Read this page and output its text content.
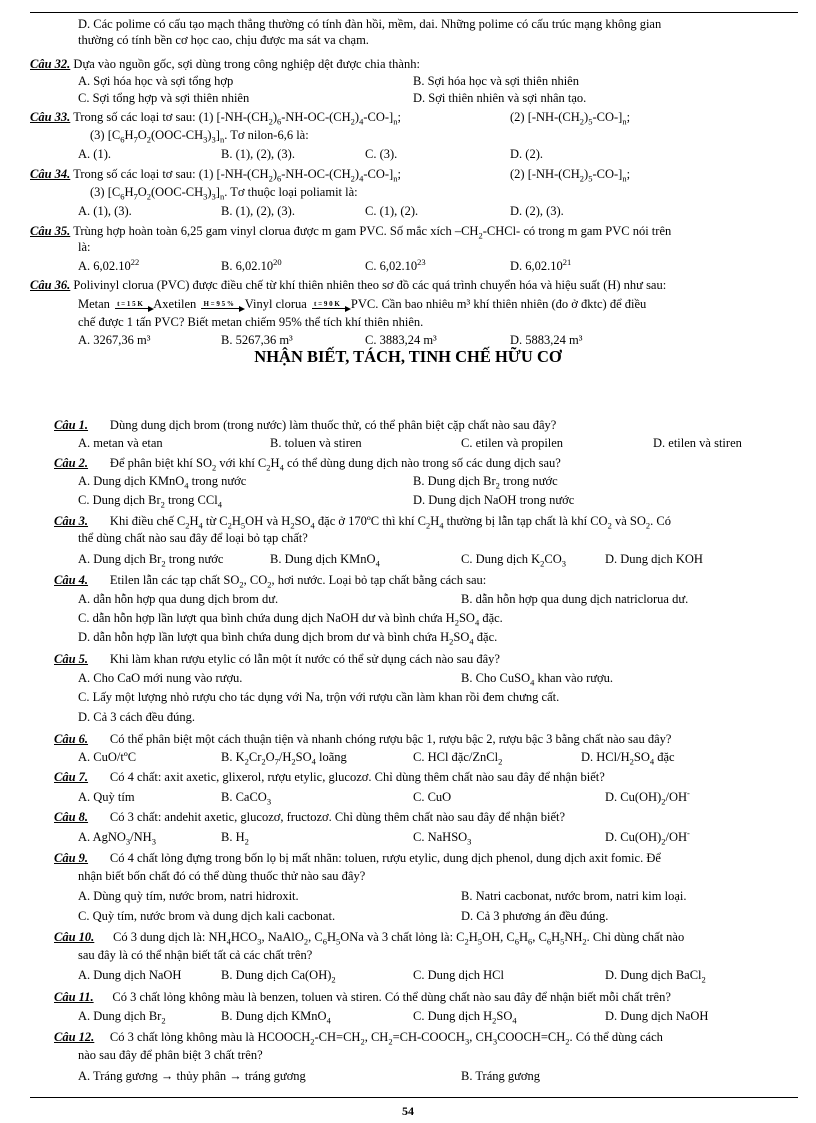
D. Các polime có cấu tạo mạch thẳng thường có tính đàn hồi, mềm, dai. Những polime có cấu trúc mạng không gian
thường có tính bền cơ học cao, chịu được ma sát va chạm.
Câu 32. Dựa vào nguồn gốc, sợi dùng trong công nghiệp dệt được chia thành:
A. Sợi hóa học và sợi tổng hợp	B. Sợi hóa học và sợi thiên nhiên
C. Sợi tổng hợp và sợi thiên nhiên	D. Sợi thiên nhiên và sợi nhân tạo.
Câu 33. Trong số các loại tơ sau: (1) $[-NH-(CH_2)_6-NH-OC-(CH_2)_4-CO-]_n$;	(2) $[-NH-(CH_2)_5-CO-]_n$;
(3) $[C_6H_7O_2(OOC-CH_3)_3]_n$. Tơ nilon-6,6 là:
A. (1).	B. (1), (2), (3).	C. (3).	D. (2).
Câu 34. Trong số các loại tơ sau: (1) $[-NH-(CH_2)_6-NH-OC-(CH_2)_4-CO-]_n$;	(2) $[-NH-(CH_2)_5-CO-]_n$;
(3) $[C_6H_7O_2(OOC-CH_3)_3]_n$. Tơ thuộc loại poliamit là:
A. (1), (3).	B. (1), (2), (3).	C. (1), (2).	D. (2), (3).
Câu 35. Trùng hợp hoàn toàn 6,25 gam vinyl clorua được m gam PVC. Số mắc xích $-CH_2-CHCl-$ có trong m gam PVC nói trên
là:
A. 6,02.10$^{22}$	B. 6,02.10$^{20}$	C. 6,02.10$^{23}$	D. 6,02.10$^{21}$
Câu 36. Polivinyl clorua (PVC) được điều chế từ khí thiên nhiên theo sơ đồ các quá trình chuyển hóa và hiệu suất (H) như sau:
Metan t = 1 5 K Axetilen H = 9 5 % Vinyl clorua t = 9 0 K PVC. Cần bao nhiêu m³ khí thiên nhiên (đo ở đktc) để điều
chế được 1 tấn PVC? Biết metan chiếm 95% thể tích khí thiên nhiên.
A. 3267,36 m³	B. 5267,36 m³	C. 3883,24 m³	D. 5883,24 m³
NHẬN BIẾT, TÁCH, TINH CHẾ HỮU CƠ
Câu 1. Dùng dung dịch brom (trong nước) làm thuốc thử, có thể phân biệt cặp chất nào sau đây?
A. metan và etan	B. toluen và stiren	C. etilen và propilen	D. etilen và stiren
Câu 2. Để phân biệt khí $SO_2$ với khí $C_2H_4$ có thể dùng dung dịch nào trong số các dung dịch sau?
A. Dung dịch KMnO$_4$ trong nước	B. Dung dịch $Br_2$ trong nước
C. Dung dịch $Br_2$ trong CCl$_4$	D. Dung dịch NaOH trong nước
Câu 3. Khi điều chế $C_2H_4$ từ $C_2H_5OH$ và $H_2SO_4$ đặc ở 170ºC thì khí $C_2H_4$ thường bị lẫn tạp chất là khí $CO_2$ và $SO_2$. Có
thể dùng chất nào sau đây để loại bỏ tạp chất?
A. Dung dịch $Br_2$ trong nước	B. Dung dịch KMnO$_4$	C. Dung dịch $K_2CO_3$	D. Dung dịch KOH
Câu 4. Etilen lẫn các tạp chất $SO_2$, $CO_2$, hơi nước. Loại bỏ tạp chất bằng cách sau:
A. dẫn hỗn hợp qua dung dịch brom dư.	B. dẫn hỗn hợp qua dung dịch natriclorua dư.
C. dẫn hỗn hợp lần lượt qua bình chứa dung dịch NaOH dư và bình chứa $H_2SO_4$ đặc.
D. dẫn hỗn hợp lần lượt qua bình chứa dung dịch brom dư và bình chứa $H_2SO_4$ đặc.
Câu 5. Khi làm khan rượu etylic có lẫn một ít nước có thể sử dụng cách nào sau đây?
A. Cho CaO mới nung vào rượu.	B. Cho CuSO$_4$ khan vào rượu.
C. Lấy một lượng nhỏ rượu cho tác dụng với Na, trộn với rượu cần làm khan rồi đem chưng cất.
D. Cả 3 cách đều đúng.
Câu 6. Có thể phân biệt một cách thuận tiện và nhanh chóng rượu bậc 1, rượu bậc 2, rượu bậc 3 bằng chất nào sau đây?
A. CuO/tºC	B. $K_2Cr_2O_7/H_2SO_4$ loãng	C. HCl đặc/ZnCl$_2$	D. HCl/$H_2SO_4$ đặc
Câu 7. Có 4 chất: axit axetic, glixerol, rượu etylic, glucozơ. Chỉ dùng thêm chất nào sau đây để nhận biết?
A. Quỳ tím	B. CaCO$_3$	C. CuO	D. $Cu(OH)_2/OH^-$
Câu 8. Có 3 chất: andehit axetic, glucozơ, fructozơ. Chỉ dùng thêm chất nào sau đây để nhận biết?
A. $AgNO_3/NH_3$	B. $H_2$	C. NaHSO$_3$	D. $Cu(OH)_2/OH^-$
Câu 9. Có 4 chất lỏng đựng trong bốn lọ bị mất nhãn: toluen, rượu etylic, dung dịch phenol, dung dịch axit fomic. Để
nhận biết bốn chất đó có thể dùng thuốc thử nào sau đây?
A. Dùng quỳ tím, nước brom, natri hidroxit.	B. Natri cacbonat, nước brom, natri kim loại.
C. Quỳ tím, nước brom và dung dịch kali cacbonat.	D. Cả 3 phương án đều đúng.
Câu 10. Có 3 dung dịch là: $NH_4HCO_3$, NaAlO$_2$, $C_6H_5ONa$ và 3 chất lỏng là: $C_2H_5OH$, $C_6H_6$, $C_6H_5NH_2$. Chỉ dùng chất nào
sau đây là có thể nhận biết tất cả các chất trên?
A. Dung dịch NaOH	B. Dung dịch $Ca(OH)_2$	C. Dung dịch HCl	D. Dung dịch BaCl$_2$
Câu 11. Có 3 chất lỏng không màu là benzen, toluen và stiren. Có thể dùng chất nào sau đây để nhận biết mỗi chất trên?
A. Dung dịch $Br_2$	B. Dung dịch KMnO$_4$	C. Dung dịch $H_2SO_4$	D. Dung dịch NaOH
Câu 12. Có 3 chất lỏng không màu là $HCOOCH_2-CH=CH_2$, $CH_2=CH-COOCH_3$, $CH_3COOCH=CH_2$. Có thể dùng cách
nào sau đây để phân biệt 3 chất trên?
A. Tráng gương → thủy phân → tráng gương	B. Tráng gương
54
